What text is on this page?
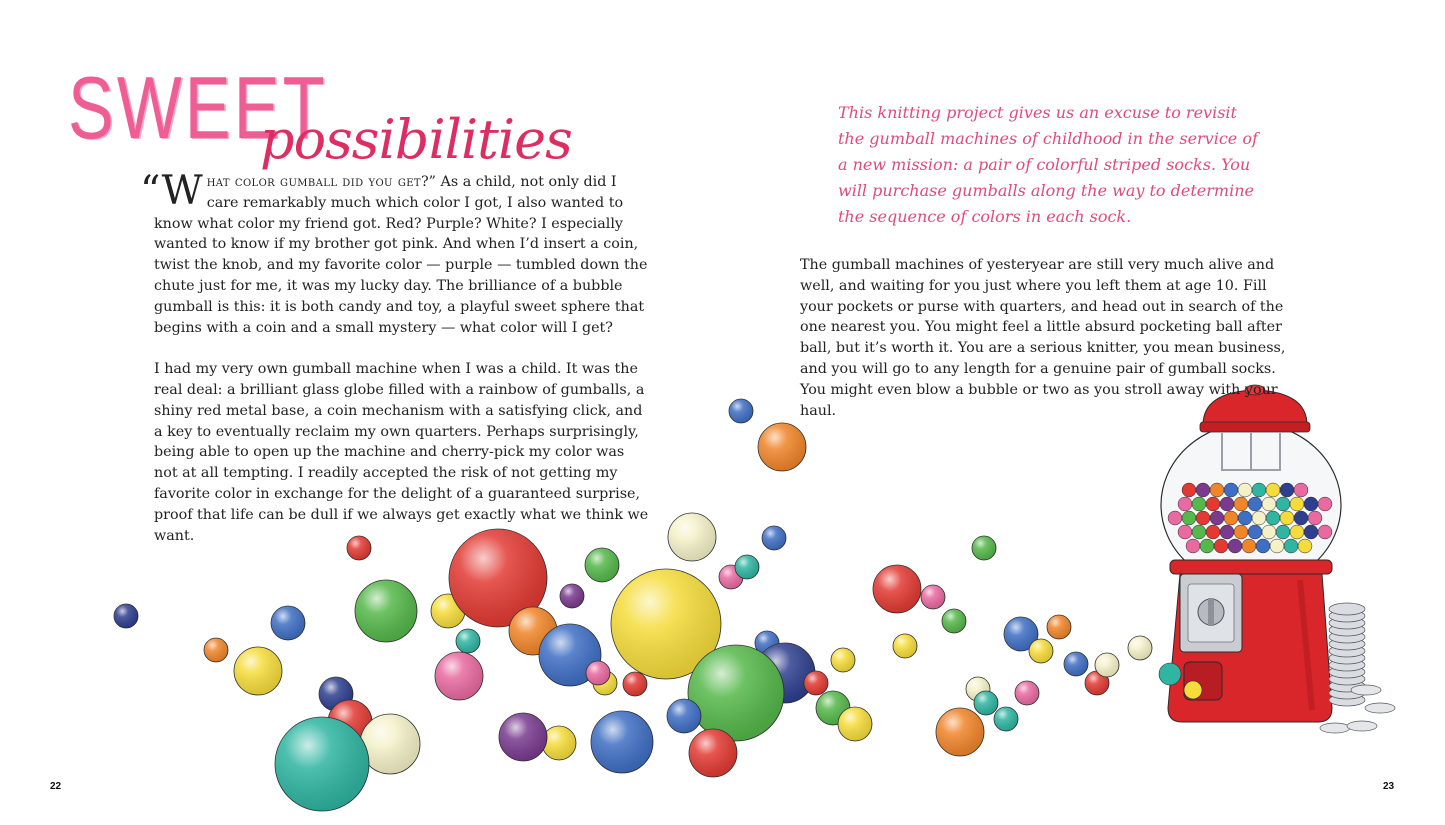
SWEET
possibilities

“What color gumball did you get?” As a child, not only did I care remarkably much which color I got, I also wanted to know what color my friend got. Red? Purple? White? I especially wanted to know if my brother got pink. And when I’d insert a coin, twist the knob, and my favorite color — purple — tumbled down the chute just for me, it was my lucky day. The brilliance of a bubble gumball is this: it is both candy and toy, a playful sweet sphere that begins with a coin and a small mystery — what color will I get?

I had my very own gumball machine when I was a child. It was the real deal: a brilliant glass globe filled with a rainbow of gumballs, a shiny red metal base, a coin mechanism with a satisfying click, and a key to eventually reclaim my own quarters. Perhaps surprisingly, being able to open up the machine and cherry-pick my color was not at all tempting. I readily accepted the risk of not getting my favorite color in exchange for the delight of a guaranteed surprise, proof that life can be dull if we always get exactly what we think we want.

This knitting project gives us an excuse to revisit the gumball machines of childhood in the service of a new mission: a pair of colorful striped socks. You will purchase gumballs along the way to determine the sequence of colors in each sock.

The gumball machines of yesteryear are still very much alive and well, and waiting for you just where you left them at age 10. Fill your pockets or purse with quarters, and head out in search of the one nearest you. You might feel a little absurd pocketing ball after ball, but it’s worth it. You are a serious knitter, you mean business, and you will go to any length for a genuine pair of gumball socks. You might even blow a bubble or two as you stroll away with your haul.

22	23
